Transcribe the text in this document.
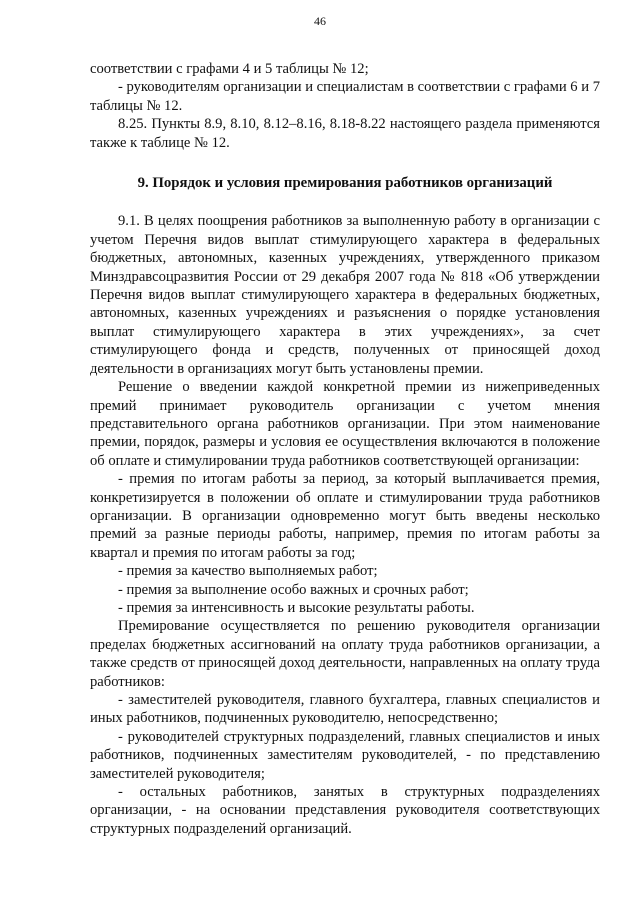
46

соответствии с графами 4 и 5 таблицы № 12;

- руководителям организации и специалистам в соответствии с графами 6 и 7 таблицы № 12.

8.25. Пункты 8.9, 8.10, 8.12–8.16, 8.18-8.22 настоящего раздела применяются также к таблице № 12.

9. Порядок и условия премирования работников организаций

9.1. В целях поощрения работников за выполненную работу в организации с учетом Перечня видов выплат стимулирующего характера в федеральных бюджетных, автономных, казенных учреждениях, утвержденного приказом Минздравсоцразвития России от 29 декабря 2007 года № 818 «Об утверждении Перечня видов выплат стимулирующего характера в федеральных бюджетных, автономных, казенных учреждениях и разъяснения о порядке установления выплат стимулирующего характера в этих учреждениях», за счет стимулирующего фонда и средств, полученных от приносящей доход деятельности в организациях могут быть установлены премии.

Решение о введении каждой конкретной премии из нижеприведенных премий принимает руководитель организации с учетом мнения представительного органа работников организации. При этом наименование премии, порядок, размеры и условия ее осуществления включаются в положение об оплате и стимулировании труда работников соответствующей организации:

- премия по итогам работы за период, за который выплачивается премия, конкретизируется в положении об оплате и стимулировании труда работников организации. В организации одновременно могут быть введены несколько премий за разные периоды работы, например, премия по итогам работы за квартал и премия по итогам работы за год;

- премия за качество выполняемых работ;

- премия за выполнение особо важных и срочных работ;

- премия за интенсивность и высокие результаты работы.

Премирование осуществляется по решению руководителя организации пределах бюджетных ассигнований на оплату труда работников организации, а также средств от приносящей доход деятельности, направленных на оплату труда работников:

- заместителей руководителя, главного бухгалтера, главных специалистов и иных работников, подчиненных руководителю, непосредственно;

- руководителей структурных подразделений, главных специалистов и иных работников, подчиненных заместителям руководителей, - по представлению заместителей руководителя;

- остальных работников, занятых в структурных подразделениях организации, - на основании представления руководителя соответствующих структурных подразделений организаций.
